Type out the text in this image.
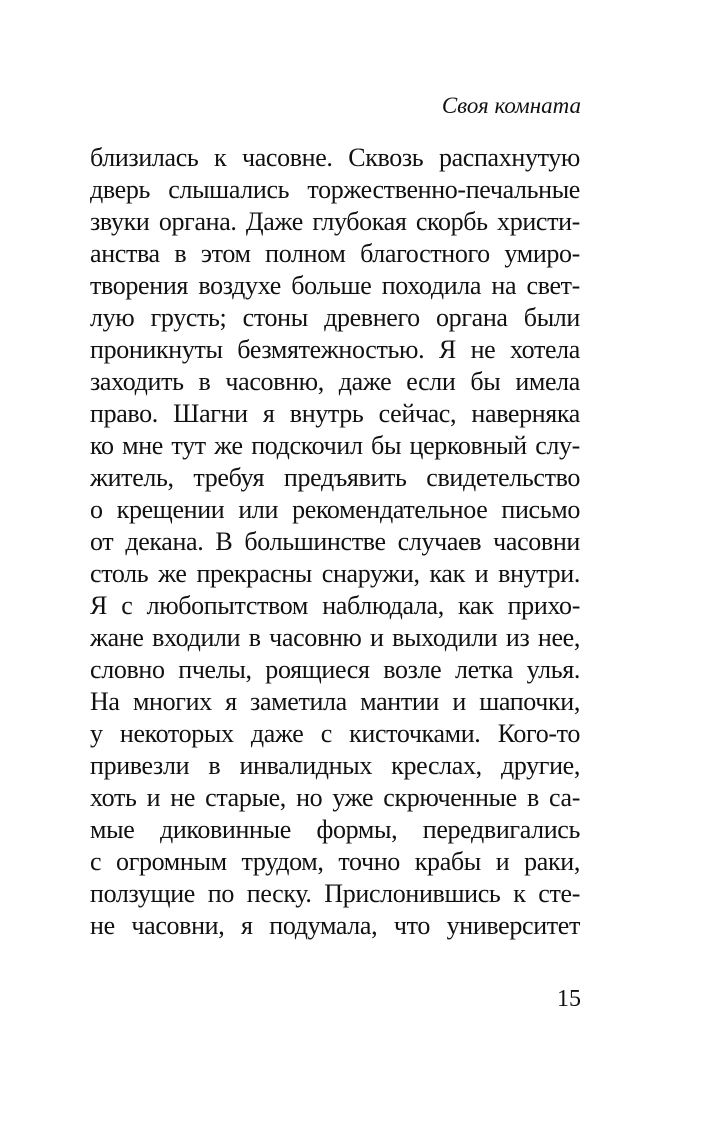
Своя комната
близилась к часовне. Сквозь распахнутую
дверь слышались торжественно-печальные
звуки органа. Даже глубокая скорбь христи-
анства в этом полном благостного умиро-
творения воздухе больше походила на свет-
лую грусть; стоны древнего органа были
проникнуты безмятежностью. Я не хотела
заходить в часовню, даже если бы имела
право. Шагни я внутрь сейчас, наверняка
ко мне тут же подскочил бы церковный слу-
житель, требуя предъявить свидетельство
о крещении или рекомендательное письмо
от декана. В большинстве случаев часовни
столь же прекрасны снаружи, как и внутри.
Я с любопытством наблюдала, как прихо-
жане входили в часовню и выходили из нее,
словно пчелы, роящиеся возле летка улья.
На многих я заметила мантии и шапочки,
у некоторых даже с кисточками. Кого-то
привезли в инвалидных креслах, другие,
хоть и не старые, но уже скрюченные в са-
мые диковинные формы, передвигались
с огромным трудом, точно крабы и раки,
ползущие по песку. Прислонившись к сте-
не часовни, я подумала, что университет
15
